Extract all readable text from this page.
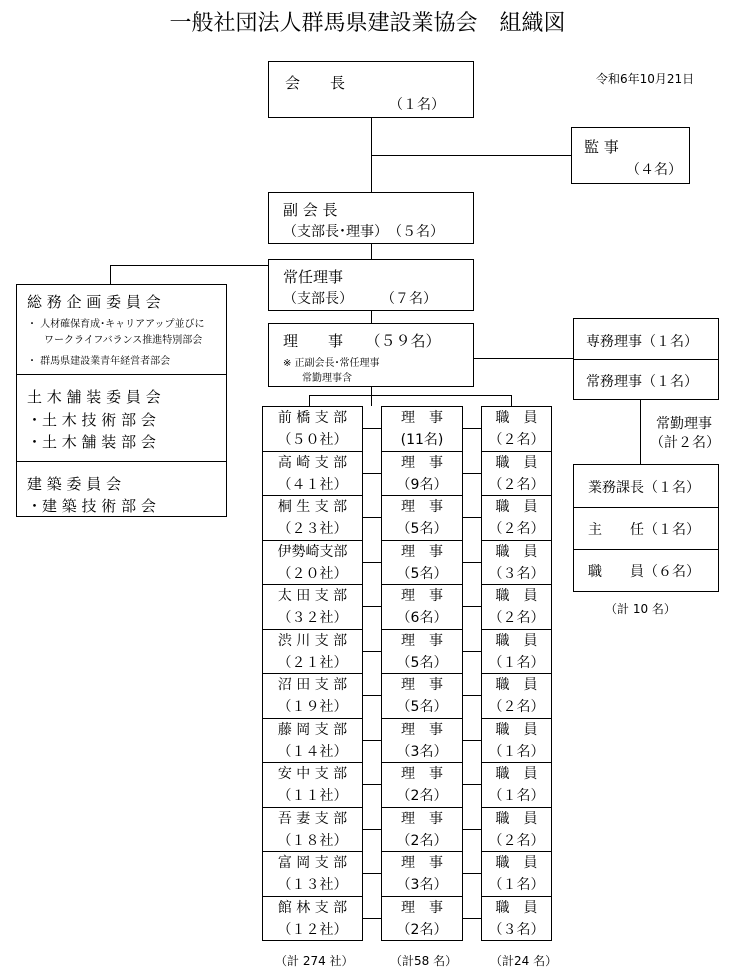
一般社団法人群馬県建設業協会　組織図
令和6年10月21日
会　　長
（１名）
監 事
（４名）
副 会 長
（支部長･理事）　（５名）
常任理事
（支部長）　　　（７名）
理　　事　　（５９名）
※ 正副会長･常任理事
常勤理事含
総 務 企 画 委 員 会
・ 人材確保育成･キャリアアップ並びに
ワークライフバランス推進特別部会
・ 群馬県建設業青年経営者部会
土 木 舗 装 委 員 会
・土 木 技 術 部 会
・土 木 舗 装 部 会
建 築 委 員 会
・建 築 技 術 部 会
専務理事（１名）
常務理事（１名）
常勤理事
（計２名）
業務課長（１名）
主　　任（１名）
職　　員（６名）
（計 10 名）
前 橋 支 部
（５０社）
理　事
(11名)
職　員
（２名）
高 崎 支 部
（４１社）
理　事
（9名）
職　員
（２名）
桐 生 支 部
（２３社）
理　事
（5名）
職　員
（２名）
伊勢崎支部
（２０社）
理　事
（5名）
職　員
（３名）
太 田 支 部
（３２社）
理　事
（6名）
職　員
（２名）
渋 川 支 部
（２１社）
理　事
（5名）
職　員
（１名）
沼 田 支 部
（１９社）
理　事
（5名）
職　員
（２名）
藤 岡 支 部
（１４社）
理　事
（3名）
職　員
（１名）
安 中 支 部
（１１社）
理　事
（2名）
職　員
（１名）
吾 妻 支 部
（１８社）
理　事
（2名）
職　員
（２名）
富 岡 支 部
（１３社）
理　事
（3名）
職　員
（１名）
館 林 支 部
（１２社）
理　事
（2名）
職　員
（３名）
（計 274 社）	（計58 名）	（計24 名）
